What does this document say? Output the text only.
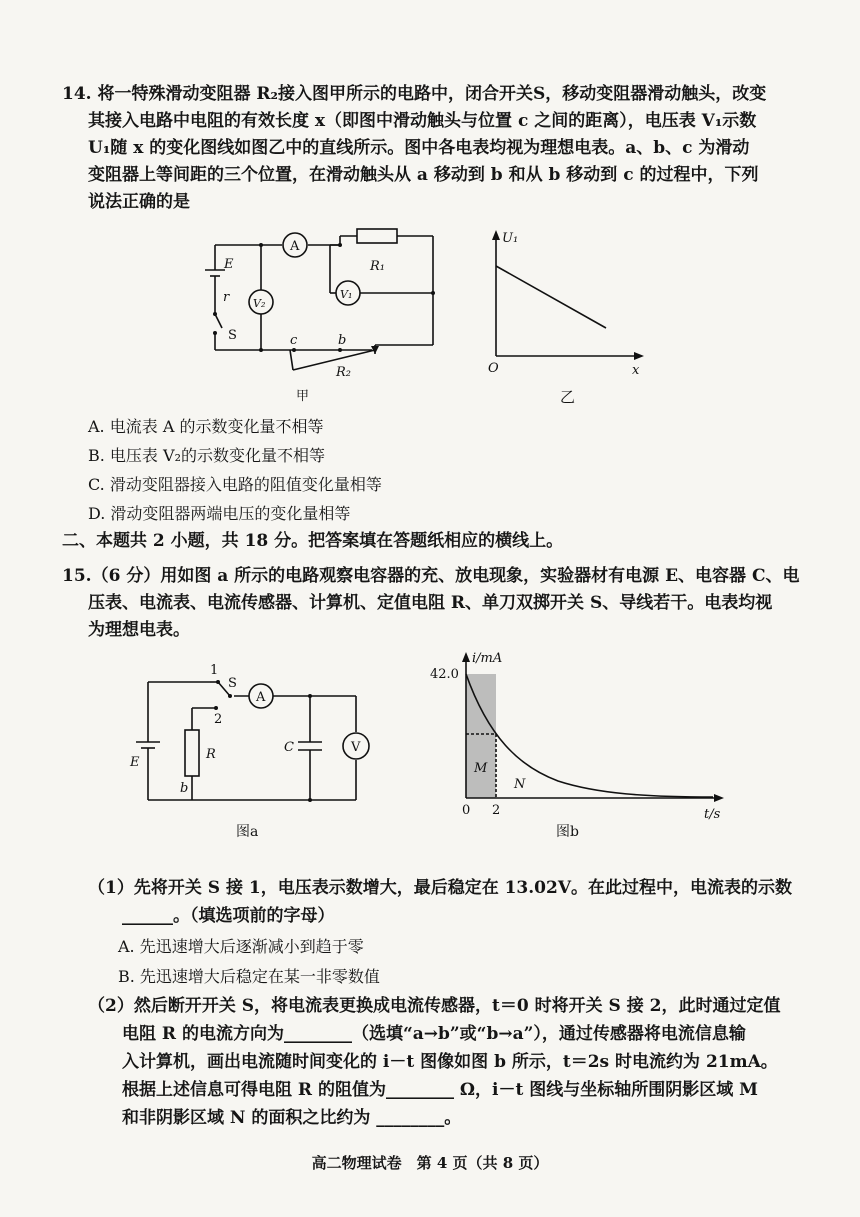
14. 将一特殊滑动变阻器 R₂接入图甲所示的电路中，闭合开关S，移动变阻器滑动触头，改变
其接入电路中电阻的有效长度 x（即图中滑动触头与位置 c 之间的距离），电压表 V₁示数
U₁随 x 的变化图线如图乙中的直线所示。图中各电表均视为理想电表。a、b、c 为滑动
变阻器上等间距的三个位置，在滑动触头从 a 移动到 b 和从 b 移动到 c 的过程中，下列
说法正确的是
A
V₁
V₂
E
r
S
R₁
c	b
R₂
甲
U₁
O	x
乙
A. 电流表 A 的示数变化量不相等
B. 电压表 V₂的示数变化量不相等
C. 滑动变阻器接入电路的阻值变化量相等
D. 滑动变阻器两端电压的变化量相等
二、本题共 2 小题，共 18 分。把答案填在答题纸相应的横线上。
15.（6 分）用如图 a 所示的电路观察电容器的充、放电现象，实验器材有电源 E、电容器 C、电
压表、电流表、电流传感器、计算机、定值电阻 R、单刀双掷开关 S、导线若干。电表均视
为理想电表。
1
S
2
A
V
E
R
b
C
图a
i/mA
42.0
0 2	t/s
M
N
图b
（1）先将开关 S 接 1，电压表示数增大，最后稳定在 13.02V。在此过程中，电流表的示数
______。（填选项前的字母）
A. 先迅速增大后逐渐减小到趋于零
B. 先迅速增大后稳定在某一非零数值
（2）然后断开开关 S，将电流表更换成电流传感器，t＝0 时将开关 S 接 2，此时通过定值
电阻 R 的电流方向为________（选填“a→b”或“b→a”），通过传感器将电流信息输
入计算机，画出电流随时间变化的 i－t 图像如图 b 所示，t＝2s 时电流约为 21mA。
根据上述信息可得电阻 R 的阻值为________ Ω，i－t 图线与坐标轴所围阴影区域 M
和非阴影区域 N 的面积之比约为 ________。
高二物理试卷　第 4 页（共 8 页）
